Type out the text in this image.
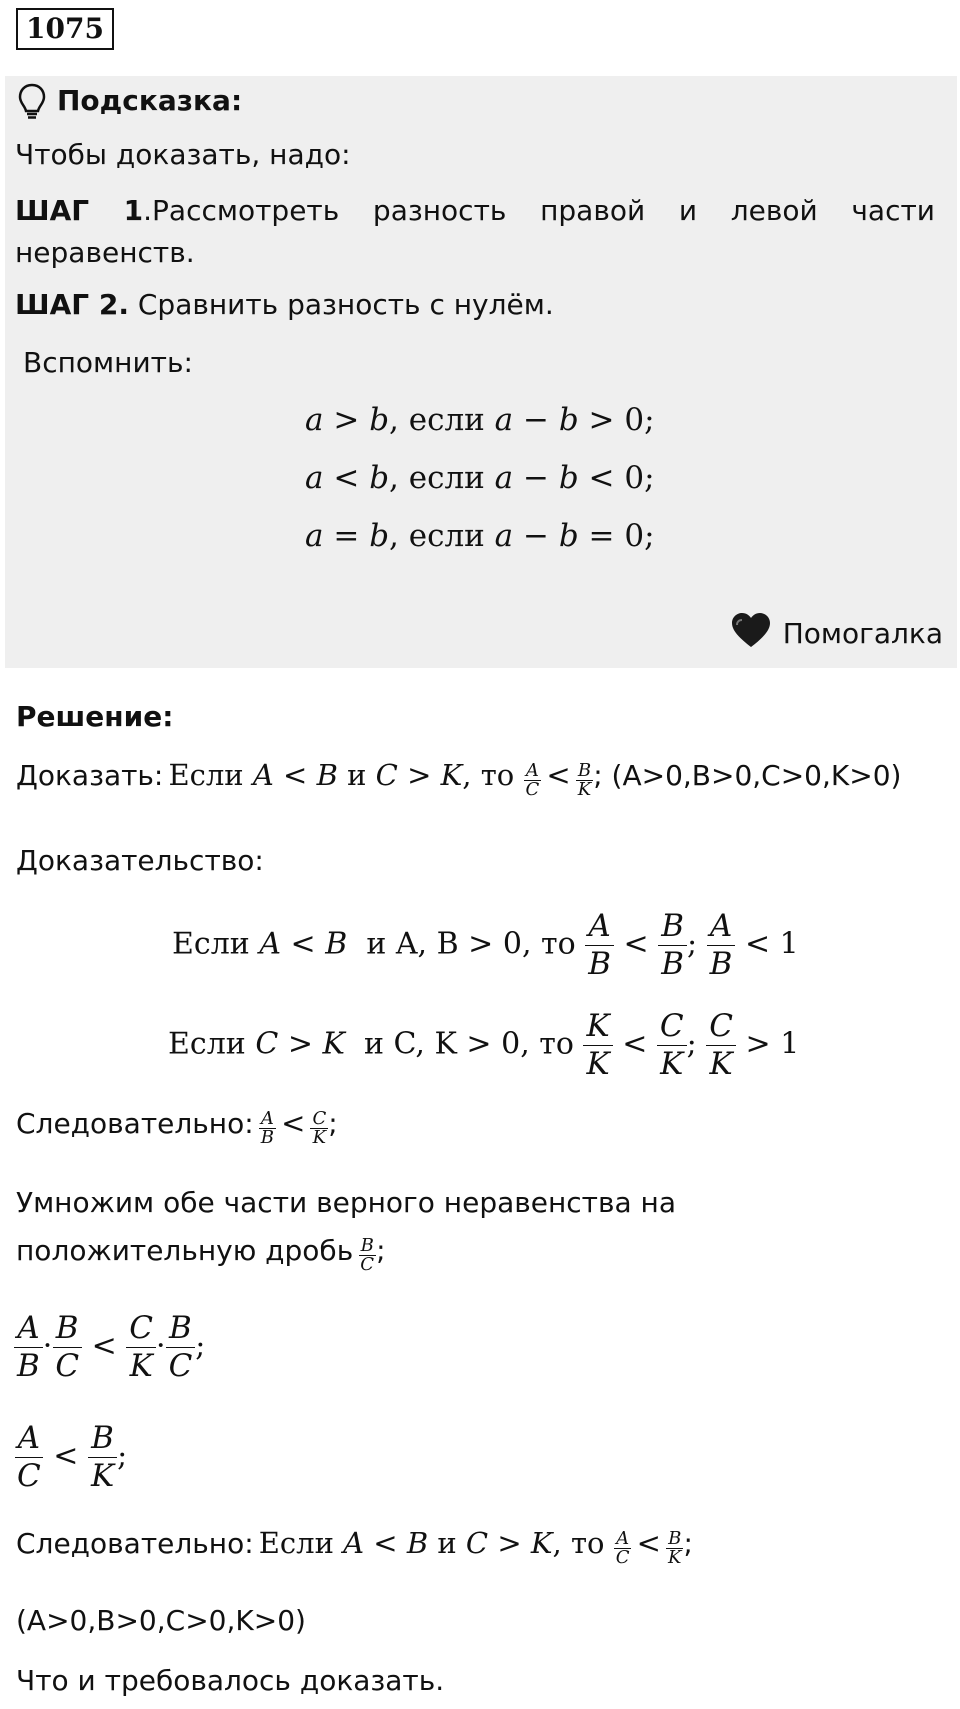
1075
Подсказка:
Чтобы доказать, надо:
ШАГ 1.Рассмотреть разность правой и левой части неравенств.
ШАГ 2. Сравнить разность с нулём.
Вспомнить:
a > b, если a − b > 0;
a < b, если a − b < 0;
a = b, если a − b = 0;
Помогалка
Решение:
Доказать: Если A < B и C > K, то $\frac{A}{C} < \frac{B}{K}$ ; (A>0,B>0,C>0,K>0)
Доказательство:
Если A < B и A, B > 0, то $\frac{A}{B} < \frac{B}{B}$ ; $\frac{A}{B} < 1$
Если C > K и C, K > 0, то $\frac{K}{K} < \frac{C}{K}$ ; $\frac{C}{K} > 1$
Следовательно: $\frac{A}{B} < \frac{C}{K}$ ;
Умножим обе части верного неравенства на
положительную дробь $\frac{B}{C}$ ;
$\frac{A}{B} \cdot \frac{B}{C} < \frac{C}{K} \cdot \frac{B}{C}$ ;
$\frac{A}{C} < \frac{B}{K}$ ;
Следовательно: Если A < B и C > K, то $\frac{A}{C} < \frac{B}{K}$ ;
(A>0,B>0,C>0,K>0)
Что и требовалось доказать.
